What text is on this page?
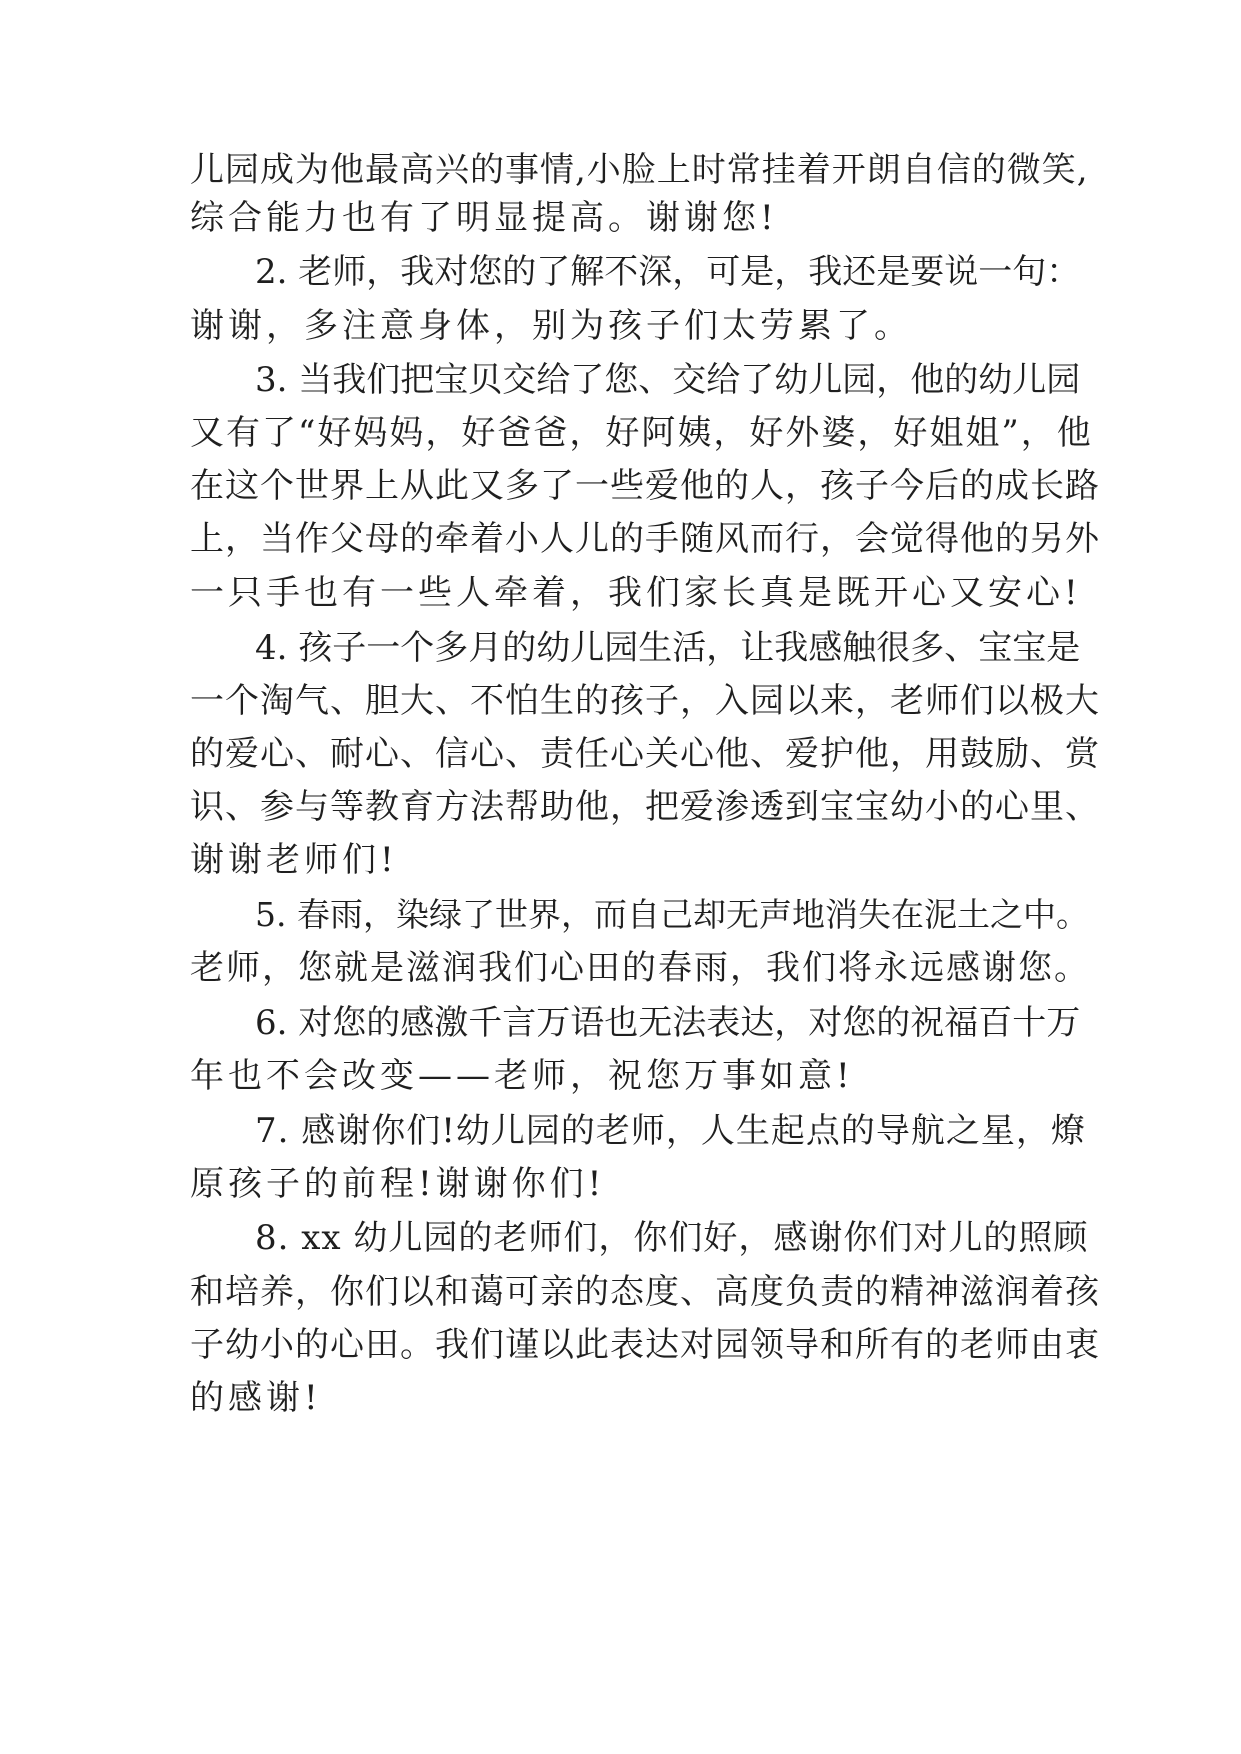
儿园成为他最高兴的事情,小脸上时常挂着开朗自信的微笑,
综合能力也有了明显提高。谢谢您!
2. 老师，我对您的了解不深，可是，我还是要说一句：
谢谢，多注意身体，别为孩子们太劳累了。
3. 当我们把宝贝交给了您、交给了幼儿园，他的幼儿园
又有了“好妈妈，好爸爸，好阿姨，好外婆，好姐姐”，他
在这个世界上从此又多了一些爱他的人，孩子今后的成长路
上，当作父母的牵着小人儿的手随风而行，会觉得他的另外
一只手也有一些人牵着，我们家长真是既开心又安心!
4. 孩子一个多月的幼儿园生活，让我感触很多、宝宝是
一个淘气、胆大、不怕生的孩子，入园以来，老师们以极大
的爱心、耐心、信心、责任心关心他、爱护他，用鼓励、赏
识、参与等教育方法帮助他，把爱渗透到宝宝幼小的心里、
谢谢老师们!
5. 春雨，染绿了世界，而自己却无声地消失在泥土之中。
老师，您就是滋润我们心田的春雨，我们将永远感谢您。
6. 对您的感激千言万语也无法表达，对您的祝福百十万
年也不会改变——老师，祝您万事如意!
7. 感谢你们!幼儿园的老师，人生起点的导航之星，燎
原孩子的前程!谢谢你们!
8. xx 幼儿园的老师们，你们好，感谢你们对儿的照顾
和培养，你们以和蔼可亲的态度、高度负责的精神滋润着孩
子幼小的心田。我们谨以此表达对园领导和所有的老师由衷
的感谢!
